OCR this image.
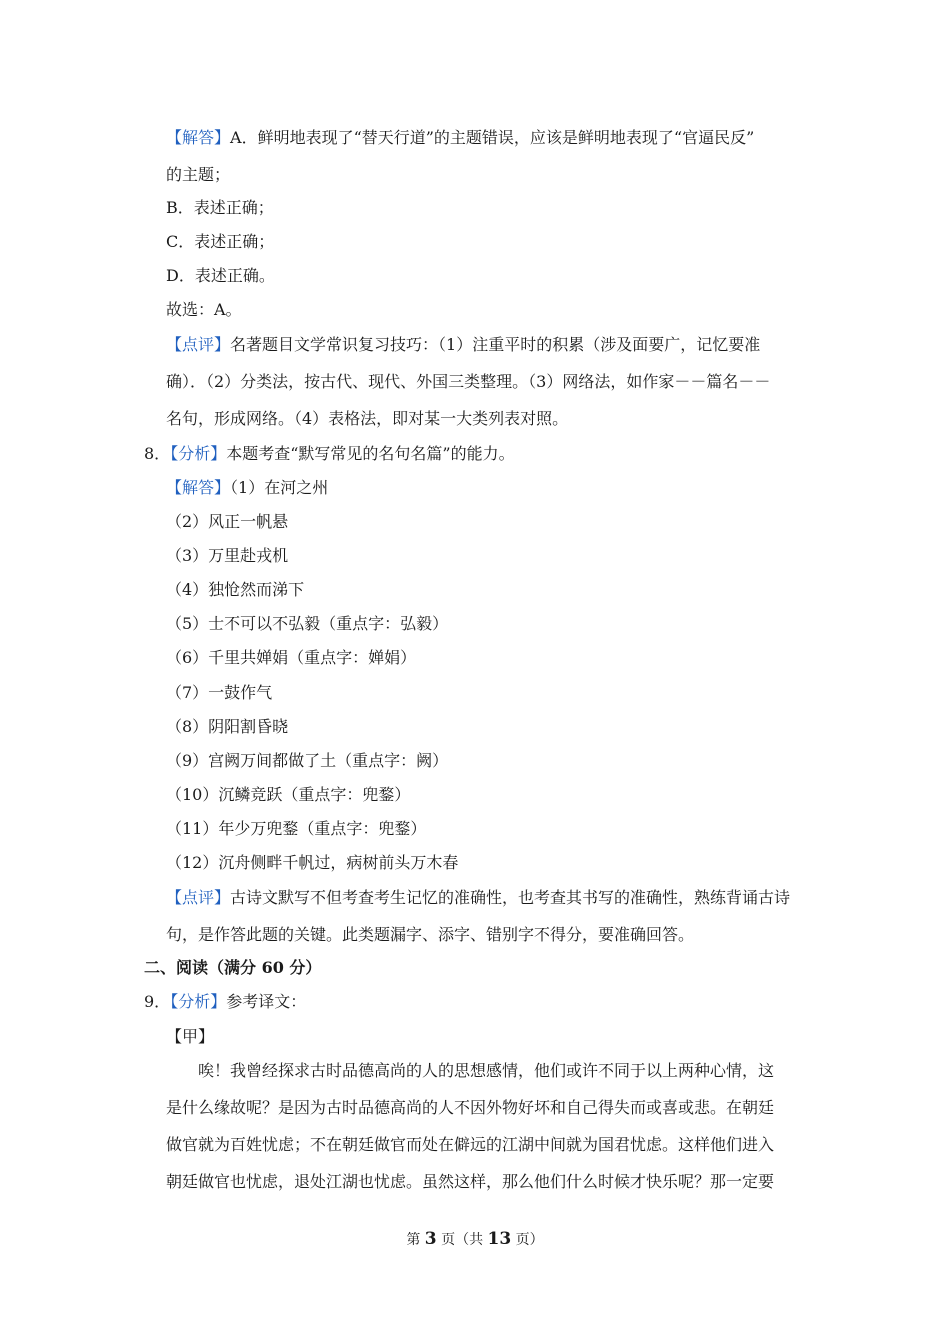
【解答】A．鲜明地表现了“替天行道”的主题错误，应该是鲜明地表现了“官逼民反”
的主题；
B．表述正确；
C．表述正确；
D．表述正确。
故选：A。
【点评】名著题目文学常识复习技巧：（1）注重平时的积累（涉及面要广，记忆要准
确）．（2）分类法，按古代、现代、外国三类整理。（3）网络法，如作家－－篇名－－
名句，形成网络。（4）表格法，即对某一大类列表对照。
8．【分析】本题考查“默写常见的名句名篇”的能力。
【解答】（1）在河之州
（2）风正一帆悬
（3）万里赴戎机
（4）独怆然而涕下
（5）士不可以不弘毅（重点字：弘毅）
（6）千里共婵娟（重点字：婵娟）
（7）一鼓作气
（8）阴阳割昏晓
（9）宫阙万间都做了土（重点字：阙）
（10）沉鳞竞跃（重点字：兜鍪）
（11）年少万兜鍪（重点字：兜鍪）
（12）沉舟侧畔千帆过，病树前头万木春
【点评】古诗文默写不但考查考生记忆的准确性，也考查其书写的准确性，熟练背诵古诗
句，是作答此题的关键。此类题漏字、添字、错别字不得分，要准确回答。
二、阅读（满分 60 分）
9．【分析】参考译文：
【甲】
唉！我曾经探求古时品德高尚的人的思想感情，他们或许不同于以上两种心情，这
是什么缘故呢？是因为古时品德高尚的人不因外物好坏和自己得失而或喜或悲。在朝廷
做官就为百姓忧虑；不在朝廷做官而处在僻远的江湖中间就为国君忧虑。这样他们进入
朝廷做官也忧虑，退处江湖也忧虑。虽然这样，那么他们什么时候才快乐呢？那一定要
第 3 页（共 13 页）
